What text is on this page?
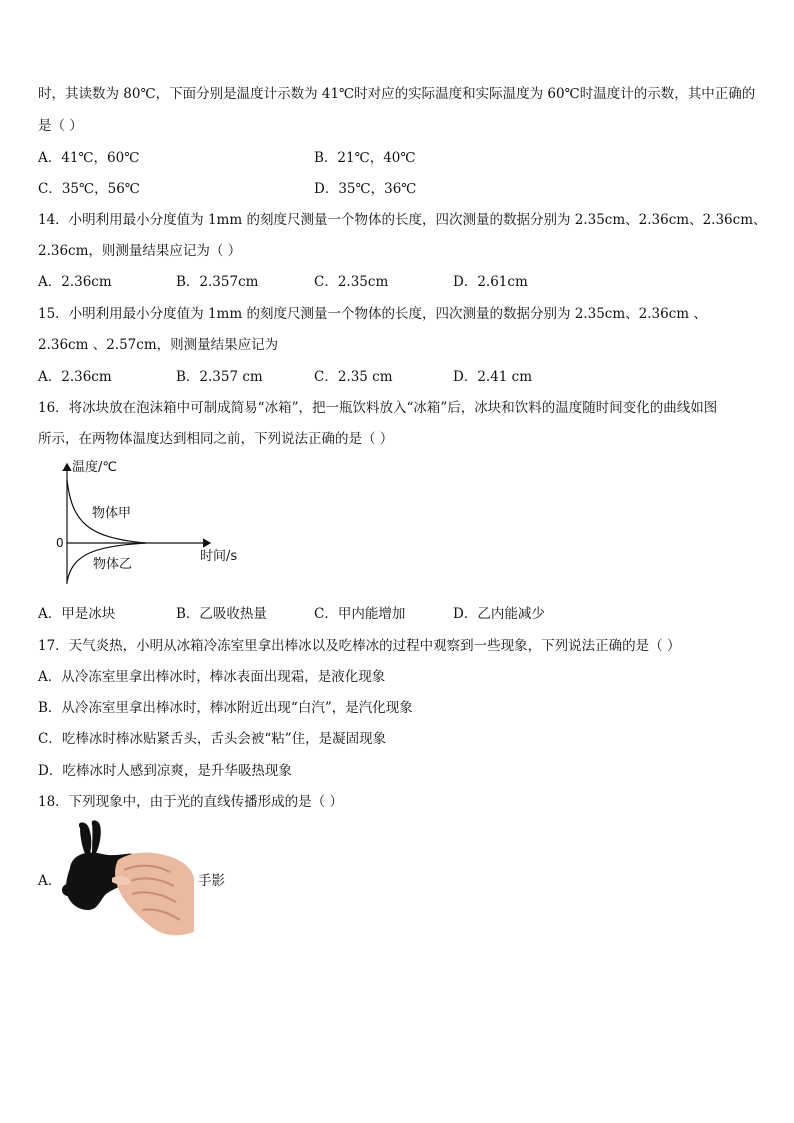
时，其读数为 80℃，下面分别是温度计示数为 41℃时对应的实际温度和实际温度为 60℃时温度计的示数，其中正确的
是（ ）
A．41℃，60℃	B．21℃，40℃
C．35℃，56℃	D．35℃，36℃
14．小明利用最小分度值为 1mm 的刻度尺测量一个物体的长度，四次测量的数据分别为 2.35cm、2.36cm、2.36cm、
2.36cm，则测量结果应记为（ ）
A．2.36cm	B．2.357cm	C．2.35cm	D．2.61cm
15．小明利用最小分度值为 1mm 的刻度尺测量一个物体的长度，四次测量的数据分别为 2.35cm、2.36cm 、
2.36cm 、2.57cm，则测量结果应记为
A．2.36cm	B．2.357 cm	C．2.35 cm	D．2.41 cm
16．将冰块放在泡沫箱中可制成简易“冰箱”，把一瓶饮料放入“冰箱”后，冰块和饮料的温度随时间变化的曲线如图
所示，在两物体温度达到相同之前，下列说法正确的是（ ）
温度/℃
时间/s
0
物体甲
物体乙
A．甲是冰块	B．乙吸收热量	C．甲内能增加	D．乙内能减少
17．天气炎热，小明从冰箱冷冻室里拿出棒冰以及吃棒冰的过程中观察到一些现象，下列说法正确的是（ ）
A．从冷冻室里拿出棒冰时，棒冰表面出现霜，是液化现象
B．从冷冻室里拿出棒冰时，棒冰附近出现“白汽”，是汽化现象
C．吃棒冰时棒冰贴紧舌头，舌头会被“粘”住，是凝固现象
D．吃棒冰时人感到凉爽，是升华吸热现象
18．下列现象中，由于光的直线传播形成的是（ ）
A．	手影
